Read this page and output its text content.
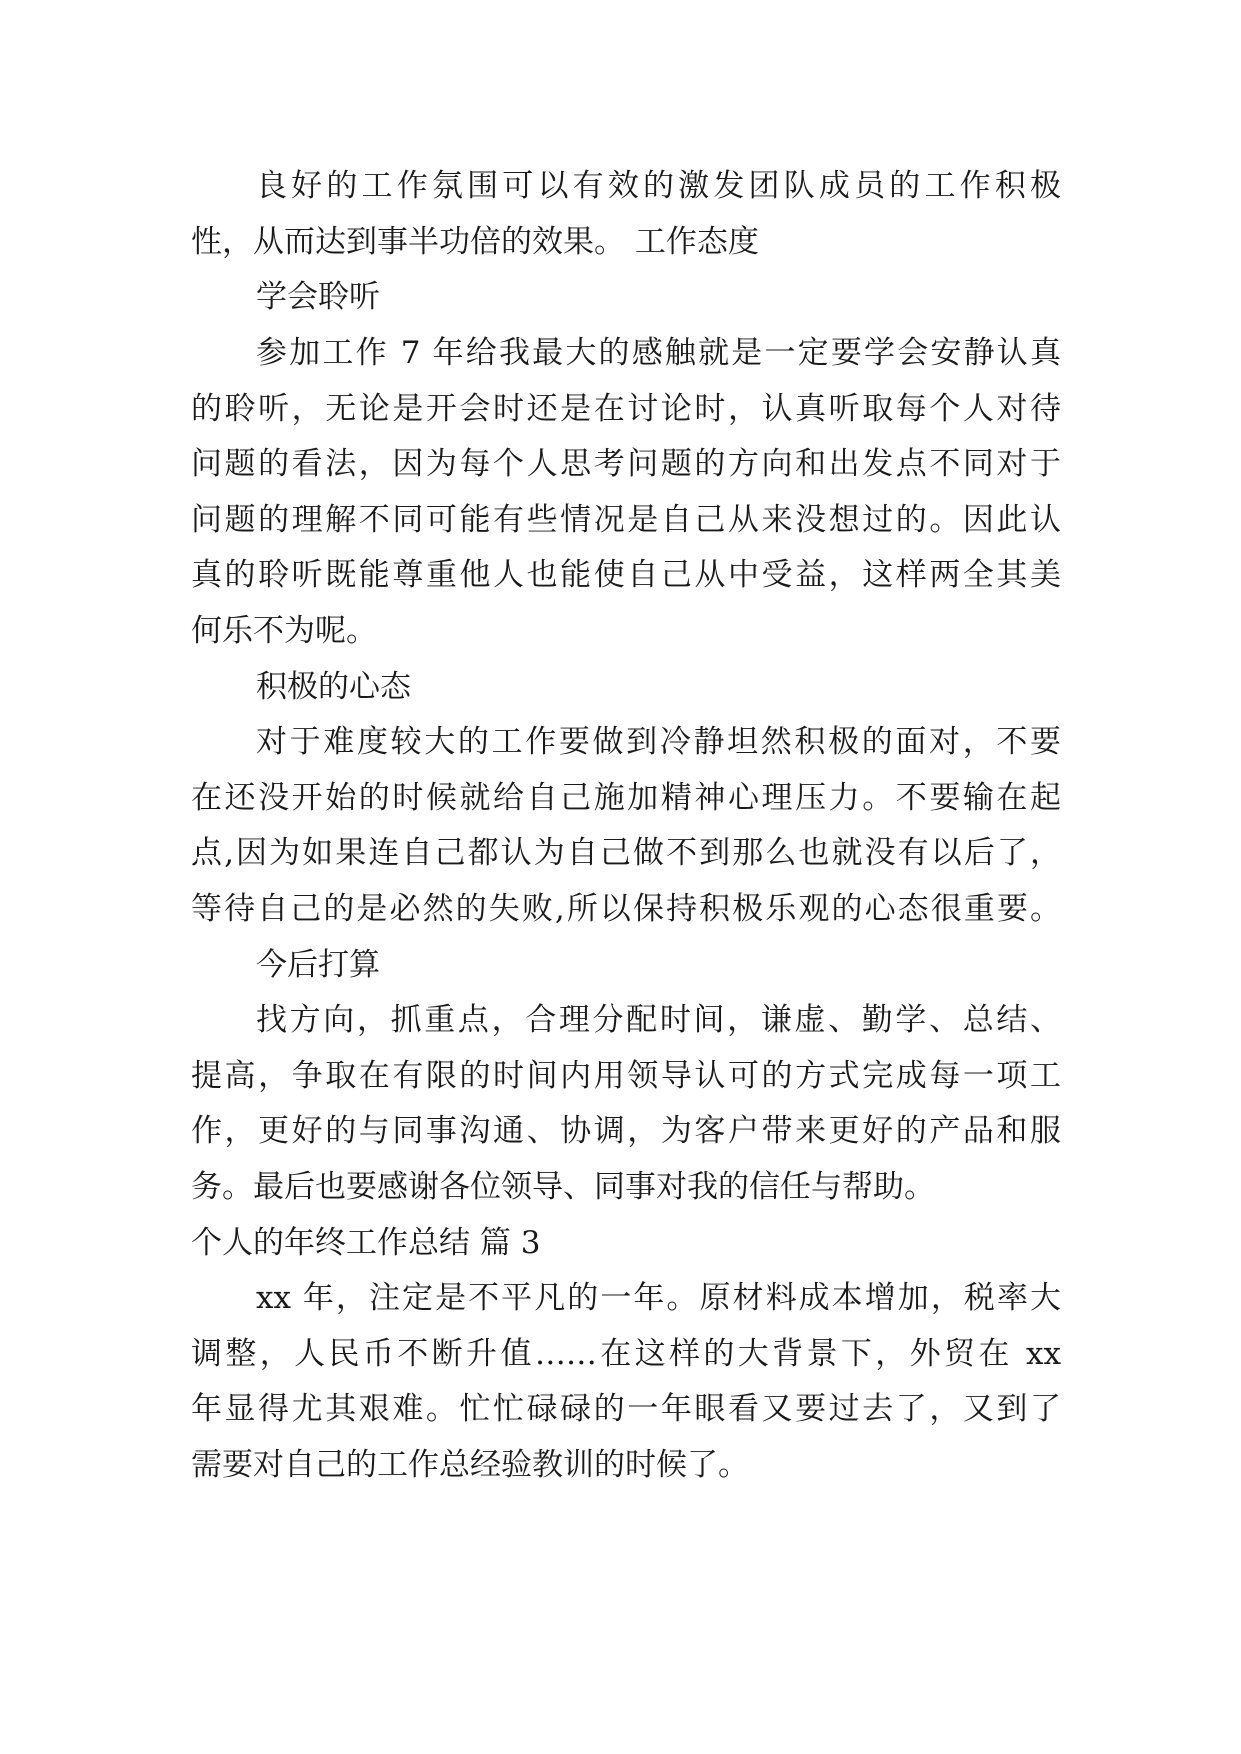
良好的工作氛围可以有效的激发团队成员的工作积极
性，从而达到事半功倍的效果。 工作态度
学会聆听
参加工作 7 年给我最大的感触就是一定要学会安静认真
的聆听，无论是开会时还是在讨论时，认真听取每个人对待
问题的看法，因为每个人思考问题的方向和出发点不同对于
问题的理解不同可能有些情况是自己从来没想过的。因此认
真的聆听既能尊重他人也能使自己从中受益，这样两全其美
何乐不为呢。
积极的心态
对于难度较大的工作要做到冷静坦然积极的面对，不要
在还没开始的时候就给自己施加精神心理压力。不要输在起
点,因为如果连自己都认为自己做不到那么也就没有以后了，
等待自己的是必然的失败,所以保持积极乐观的心态很重要。
今后打算
找方向，抓重点，合理分配时间，谦虚、勤学、总结、
提高，争取在有限的时间内用领导认可的方式完成每一项工
作，更好的与同事沟通、协调，为客户带来更好的产品和服
务。最后也要感谢各位领导、同事对我的信任与帮助。
个人的年终工作总结 篇 3
xx 年，注定是不平凡的一年。原材料成本增加，税率大
调整，人民币不断升值……在这样的大背景下，外贸在 xx
年显得尤其艰难。忙忙碌碌的一年眼看又要过去了，又到了
需要对自己的工作总经验教训的时候了。
